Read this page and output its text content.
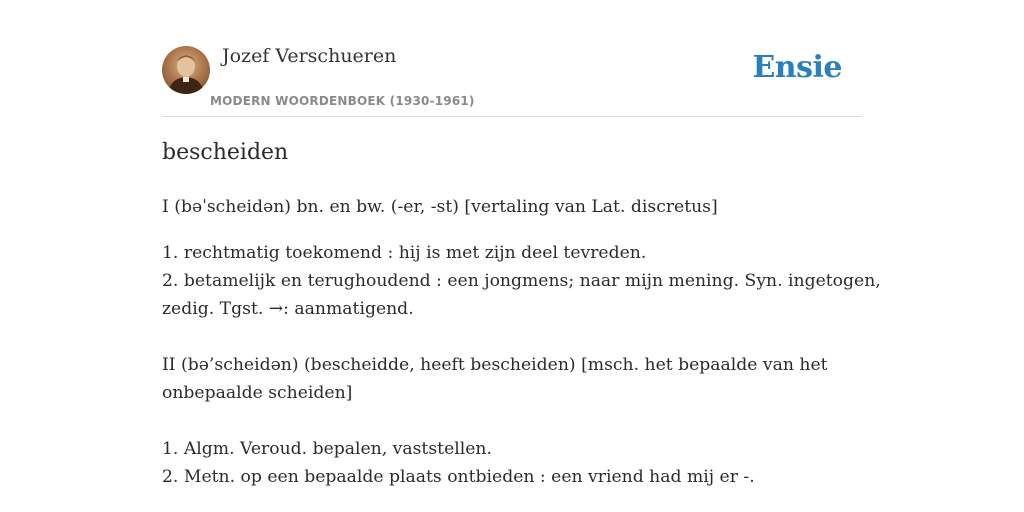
Jozef Verschueren
MODERN WOORDENBOEK (1930-1961)
Ensie
bescheiden

I (bəˈscheidən) bn. en bw. (-er, -st) [vertaling van Lat. discretus]

1. rechtmatig toekomend : hij is met zijn deel tevreden.
2. betamelijk en terughoudend : een jongmens; naar mijn mening. Syn. ingetogen,
zedig. Tgst. →: aanmatigend.
II (bə’scheidən) (bescheidde, heeft bescheiden) [msch. het bepaalde van het
onbepaalde scheiden]
1. Algm. Veroud. bepalen, vaststellen.
2. Metn. op een bepaalde plaats ontbieden : een vriend had mij er -.
